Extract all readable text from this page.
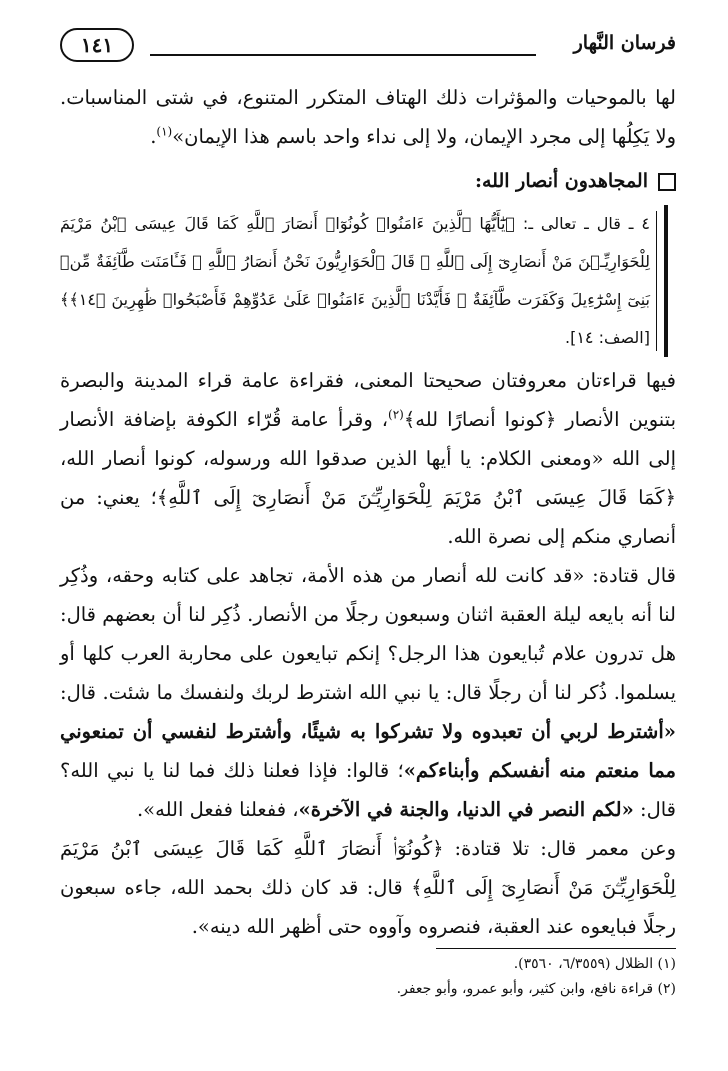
فرسان النَّهار
١٤١

لها بالموحيات والمؤثرات ذلك الهتاف المتكرر المتنوع، في شتى المناسبات. ولا يَكِلُها إلى مجرد الإيمان، ولا إلى نداء واحد باسم هذا الإيمان»$^{(١)}$.

المجاهدون أنصار الله:
٤ ـ قال ـ تعالى ـ: ﴿يَٰٓأَيُّهَا ٱلَّذِينَ ءَامَنُوا۟ كُونُوٓا۟ أَنصَارَ ٱللَّهِ كَمَا قَالَ عِيسَى ٱبْنُ مَرْيَمَ لِلْحَوَارِيِّـۧنَ مَنْ أَنصَارِىٓ إِلَى ٱللَّهِ ۖ قَالَ ٱلْحَوَارِيُّونَ نَحْنُ أَنصَارُ ٱللَّهِ ۖ فَـَٔامَنَت طَّآئِفَةٌ مِّنۢ بَنِىٓ إِسْرَٰٓءِيلَ وَكَفَرَت طَّآئِفَةٌ ۖ فَأَيَّدْنَا ٱلَّذِينَ ءَامَنُوا۟ عَلَىٰ عَدُوِّهِمْ فَأَصْبَحُوا۟ ظَٰهِرِينَ ﴿١٤﴾﴾ [الصف: ١٤].

فيها قراءتان معروفتان صحيحتا المعنى، فقراءة عامة قراء المدينة والبصرة بتنوين الأنصار ﴿كونوا أنصارًا لله﴾$^{(٢)}$، وقرأ عامة قُرّاء الكوفة بإضافة الأنصار إلى الله «ومعنى الكلام: يا أيها الذين صدقوا الله ورسوله، كونوا أنصار الله، ﴿كَمَا قَالَ عِيسَى ٱبْنُ مَرْيَمَ لِلْحَوَارِيِّـۧنَ مَنْ أَنصَارِىٓ إِلَى ٱللَّهِ﴾؛ يعني: من أنصاري منكم إلى نصرة الله.

قال قتادة: «قد كانت لله أنصار من هذه الأمة، تجاهد على كتابه وحقه، وذُكِر لنا أنه بايعه ليلة العقبة اثنان وسبعون رجلًا من الأنصار. ذُكِر لنا أن بعضهم قال: هل تدرون علام تُبايعون هذا الرجل؟ إنكم تبايعون على محاربة العرب كلها أو يسلموا. ذُكر لنا أن رجلًا قال: يا نبي الله اشترط لربك ولنفسك ما شئت. قال: «أشترط لربي أن تعبدوه ولا تشركوا به شيئًا، وأشترط لنفسي أن تمنعوني مما منعتم منه أنفسكم وأبناءكم»؛ قالوا: فإذا فعلنا ذلك فما لنا يا نبي الله؟ قال: «لكم النصر في الدنيا، والجنة في الآخرة»، ففعلنا ففعل الله».

وعن معمر قال: تلا قتادة: ﴿كُونُوٓا۟ أَنصَارَ ٱللَّهِ كَمَا قَالَ عِيسَى ٱبْنُ مَرْيَمَ لِلْحَوَارِيِّـۧنَ مَنْ أَنصَارِىٓ إِلَى ٱللَّهِ﴾ قال: قد كان ذلك بحمد الله، جاءه سبعون رجلًا فبايعوه عند العقبة، فنصروه وآووه حتى أظهر الله دينه».

(١) الظلال (٦/٣٥٥٩، ٣٥٦٠).
(٢) قراءة نافع، وابن كثير، وأبو عمرو، وأبو جعفر.
